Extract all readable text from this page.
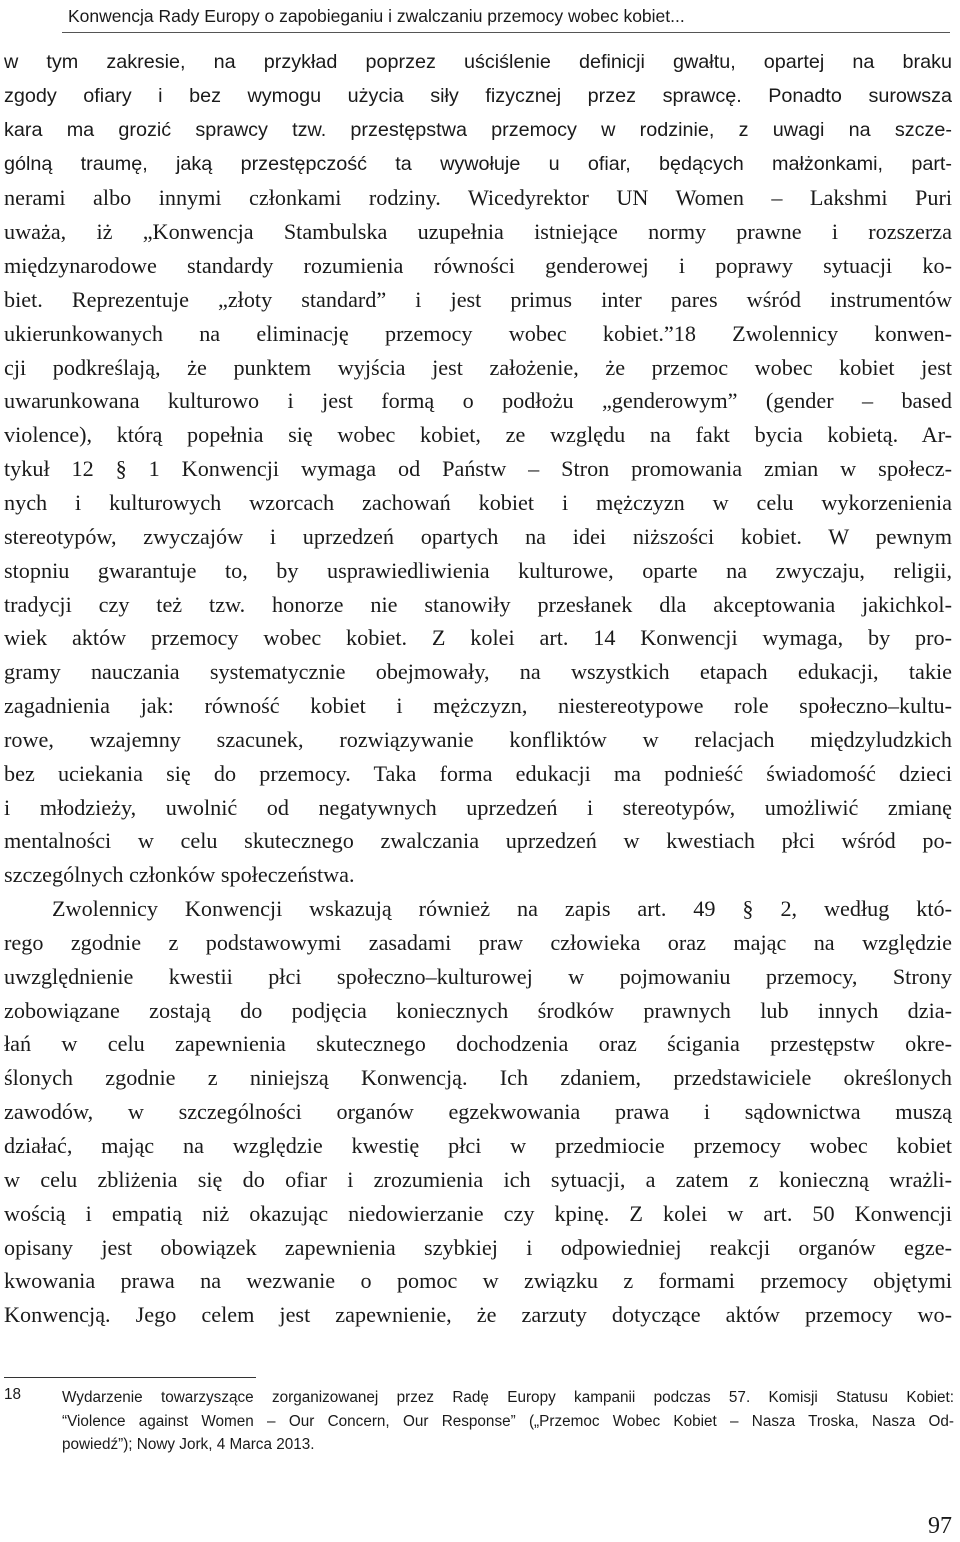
Konwencja Rady Europy o zapobieganiu i zwalczaniu przemocy wobec kobiet...
w tym zakresie, na przykład poprzez uściślenie definicji gwałtu, opartej na braku
zgody ofiary i bez wymogu użycia siły fizycznej przez sprawcę. Ponadto surowsza
kara ma grozić sprawcy tzw. przestępstwa przemocy w rodzinie, z uwagi na szcze-
gólną traumę, jaką przestępczość ta wywołuje u ofiar, będących małżonkami, part-
nerami albo innymi członkami rodziny. Wicedyrektor UN Women – Lakshmi Puri
uważa, iż „Konwencja Stambulska uzupełnia istniejące normy prawne i rozszerza
międzynarodowe standardy rozumienia równości genderowej i poprawy sytuacji ko-
biet. Reprezentuje „złoty standard” i jest primus inter pares wśród instrumentów
ukierunkowanych na eliminację przemocy wobec kobiet.”18 Zwolennicy konwen-
cji podkreślają, że punktem wyjścia jest założenie, że przemoc wobec kobiet jest
uwarunkowana kulturowo i jest formą o podłożu „genderowym” (gender – based
violence), którą popełnia się wobec kobiet, ze względu na fakt bycia kobietą. Ar-
tykuł 12 § 1 Konwencji wymaga od Państw – Stron promowania zmian w społecz-
nych i kulturowych wzorcach zachowań kobiet i mężczyzn w celu wykorzenienia
stereotypów, zwyczajów i uprzedzeń opartych na idei niższości kobiet. W pewnym
stopniu gwarantuje to, by usprawiedliwienia kulturowe, oparte na zwyczaju, religii,
tradycji czy też tzw. honorze nie stanowiły przesłanek dla akceptowania jakichkol-
wiek aktów przemocy wobec kobiet. Z kolei art. 14 Konwencji wymaga, by pro-
gramy nauczania systematycznie obejmowały, na wszystkich etapach edukacji, takie
zagadnienia jak: równość kobiet i mężczyzn, niestereotypowe role społeczno–kultu-
rowe, wzajemny szacunek, rozwiązywanie konfliktów w relacjach międzyludzkich
bez uciekania się do przemocy. Taka forma edukacji ma podnieść świadomość dzieci
i młodzieży, uwolnić od negatywnych uprzedzeń i stereotypów, umożliwić zmianę
mentalności w celu skutecznego zwalczania uprzedzeń w kwestiach płci wśród po-
szczególnych członków społeczeństwa.
Zwolennicy Konwencji wskazują również na zapis art. 49 § 2, według któ-
rego zgodnie z podstawowymi zasadami praw człowieka oraz mając na względzie
uwzględnienie kwestii płci społeczno–kulturowej w pojmowaniu przemocy, Strony
zobowiązane zostają do podjęcia koniecznych środków prawnych lub innych dzia-
łań w celu zapewnienia skutecznego dochodzenia oraz ścigania przestępstw okre-
ślonych zgodnie z niniejszą Konwencją. Ich zdaniem, przedstawiciele określonych
zawodów, w szczególności organów egzekwowania prawa i sądownictwa muszą
działać, mając na względzie kwestię płci w przedmiocie przemocy wobec kobiet
w celu zbliżenia się do ofiar i zrozumienia ich sytuacji, a zatem z konieczną wrażli-
wością i empatią niż okazując niedowierzanie czy kpinę. Z kolei w art. 50 Konwencji
opisany jest obowiązek zapewnienia szybkiej i odpowiedniej reakcji organów egze-
kwowania prawa na wezwanie o pomoc w związku z formami przemocy objętymi
Konwencją. Jego celem jest zapewnienie, że zarzuty dotyczące aktów przemocy wo-
18	Wydarzenie towarzyszące zorganizowanej przez Radę Europy kampanii podczas 57. Komisji Statusu Kobiet:
“Violence against Women – Our Concern, Our Response” („Przemoc Wobec Kobiet – Nasza Troska, Nasza Od-
powiedź”); Nowy Jork, 4 Marca 2013.
97
